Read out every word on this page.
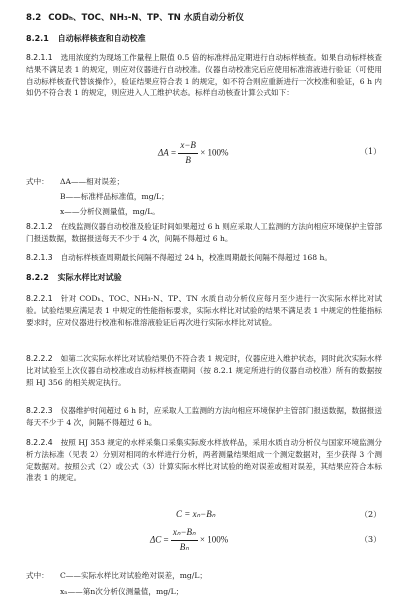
8.2 CODₕ、TOC、NH₃-N、TP、TN 水质自动分析仪
8.2.1 自动标样核查和自动校准
8.2.1.1 选用浓度约为现场工作量程上限值 0.5 倍的标准样品定期进行自动标样核查。如果自动标样核查结果不满足表 1 的规定，则应对仪器进行自动校准。仪器自动校准完后应使用标准溶液进行验证（可使用自动标样核查代替该操作），验证结果应符合表 1 的规定，如不符合则应重新进行一次校准和验证，6 h 内如仍不符合表 1 的规定，则应进入人工维护状态。标样自动核查计算公式如下：
$\Delta A = \frac{x-B}{B} \times 100\%$	（1）
式中： ΔA——相对误差；
B——标准样品标准值，mg/L；
x——分析仪测量值，mg/L。
8.2.1.2 在线监测仪器自动校准及验证时间如果超过 6 h 则应采取人工监测的方法向相应环境保护主管部门报送数据，数据报送每天不少于 4 次，间隔不得超过 6 h。
8.2.1.3 自动标样核查周期最长间隔不得超过 24 h，校准周期最长间隔不得超过 168 h。
8.2.2 实际水样比对试验
8.2.2.1 针对 CODₕ、TOC、NH₃-N、TP、TN 水质自动分析仪应每月至少进行一次实际水样比对试验。试验结果应满足表 1 中规定的性能指标要求，实际水样比对试验的结果不满足表 1 中规定的性能指标要求时，应对仪器进行校准和标准溶液验证后再次进行实际水样比对试验。
8.2.2.2 如第二次实际水样比对试验结果仍不符合表 1 规定时，仪器应进入维护状态，同时此次实际水样比对试验至上次仪器自动校准或自动标样核查期间（按 8.2.1 规定所进行的仪器自动校准）所有的数据按照 HJ 356 的相关规定执行。
8.2.2.3 仪器维护时间超过 6 h 时，应采取人工监测的方法向相应环境保护主管部门报送数据，数据报送每天不少于 4 次，间隔不得超过 6 h。
8.2.2.4 按照 HJ 353 规定的水样采集口采集实际废水样放样品，采用水质自动分析仪与国家环境监测分析方法标准（见表 2）分别对相同的水样进行分析，两者测量结果组成一个测定数据对，至少获得 3 个测定数据对。按照公式（2）或公式（3）计算实际水样比对试验的绝对误差或相对误差，其结果应符合本标准表 1 的规定。
C = xₙ−Bₙ	（2）
$\Delta C = \frac{\text{xₙ−Bₙ}}{\text{Bₙ}} \times 100\%$	（3）
式中： C——实际水样比对试验绝对误差，mg/L；
xₙ——第n次分析仪测量值，mg/L；
